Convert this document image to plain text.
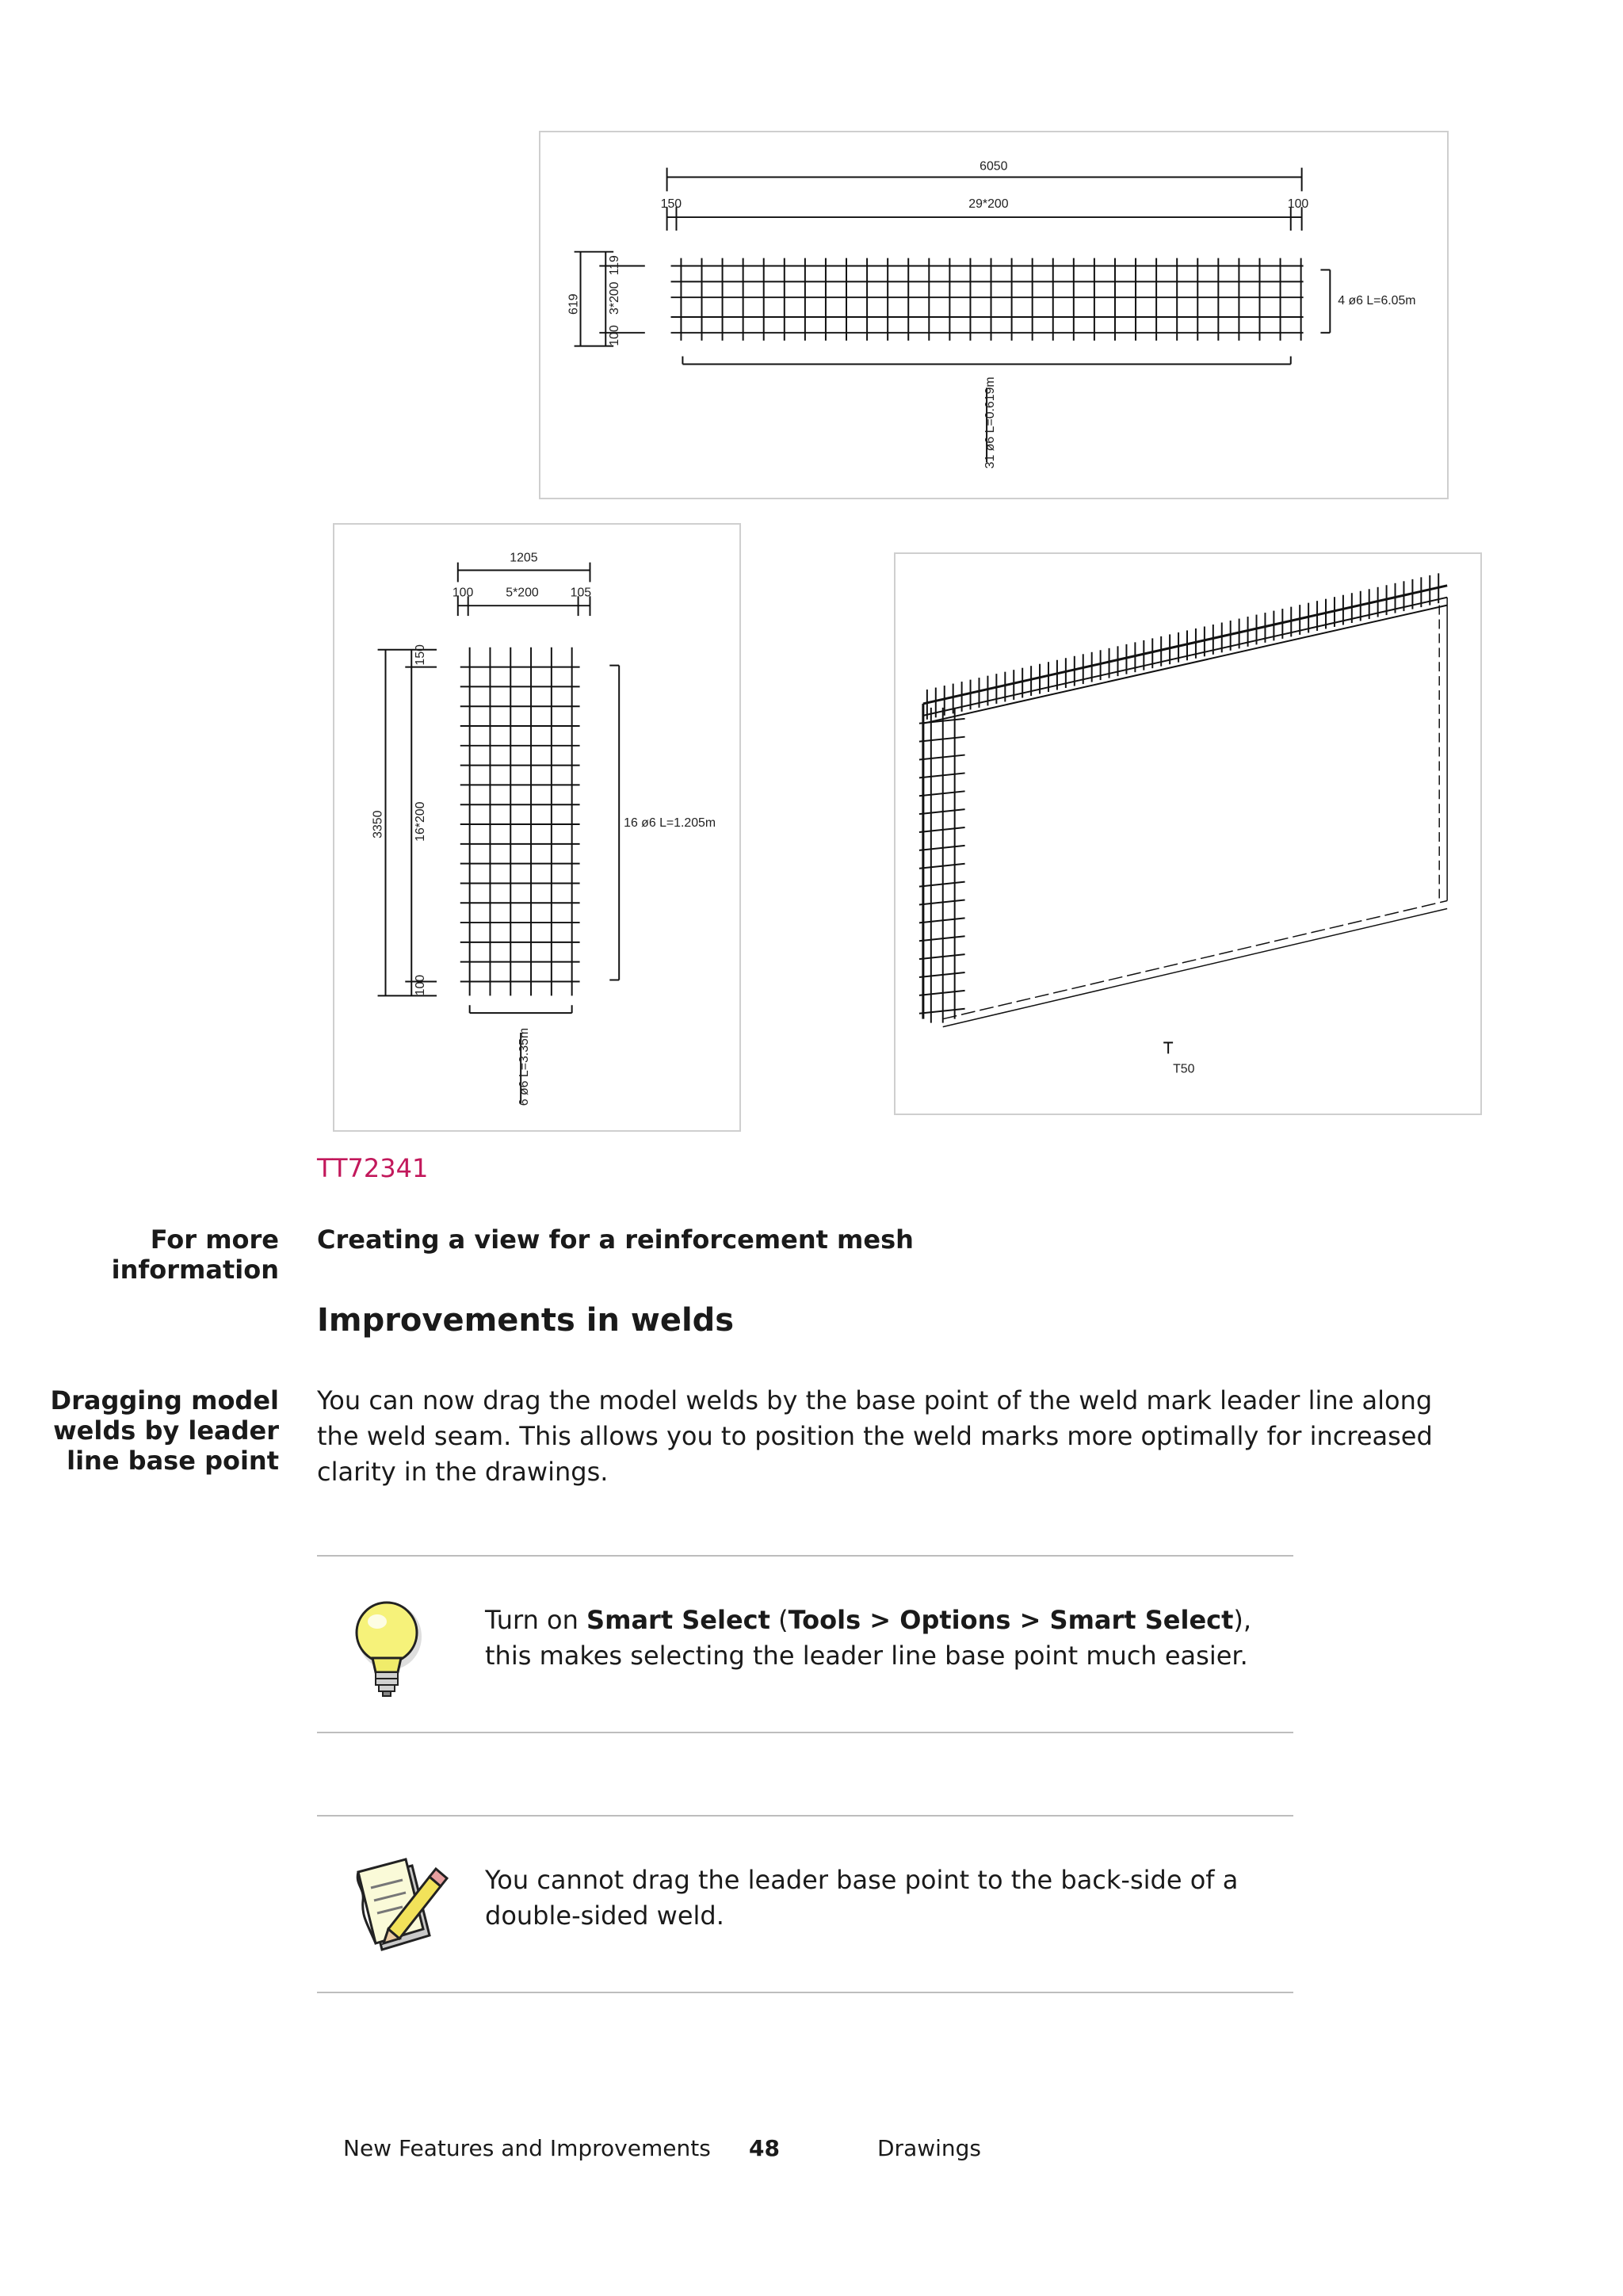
6050
150	29*200	100
619 3*200
119
100
4 ø6 L=6.05m
31 ø6 L=0.619m
1205
100	5*200 105
3350 16*200
150
100
16 ø6 L=1.205m
6 ø6 L=3.35m	T50
TT72341
For more
information
Creating a view for a reinforcement mesh
Improvements in welds
Dragging model
welds by leader
line base point
You can now drag the model welds by the base point of the weld mark leader line along the weld seam. This allows you to position the weld marks more optimally for increased clarity in the drawings.
Turn on Smart Select (Tools > Options > Smart Select), this makes selecting the leader line base point much easier.
You cannot drag the leader base point to the back-side of a double-sided weld.
New Features and Improvements 48	Drawings
